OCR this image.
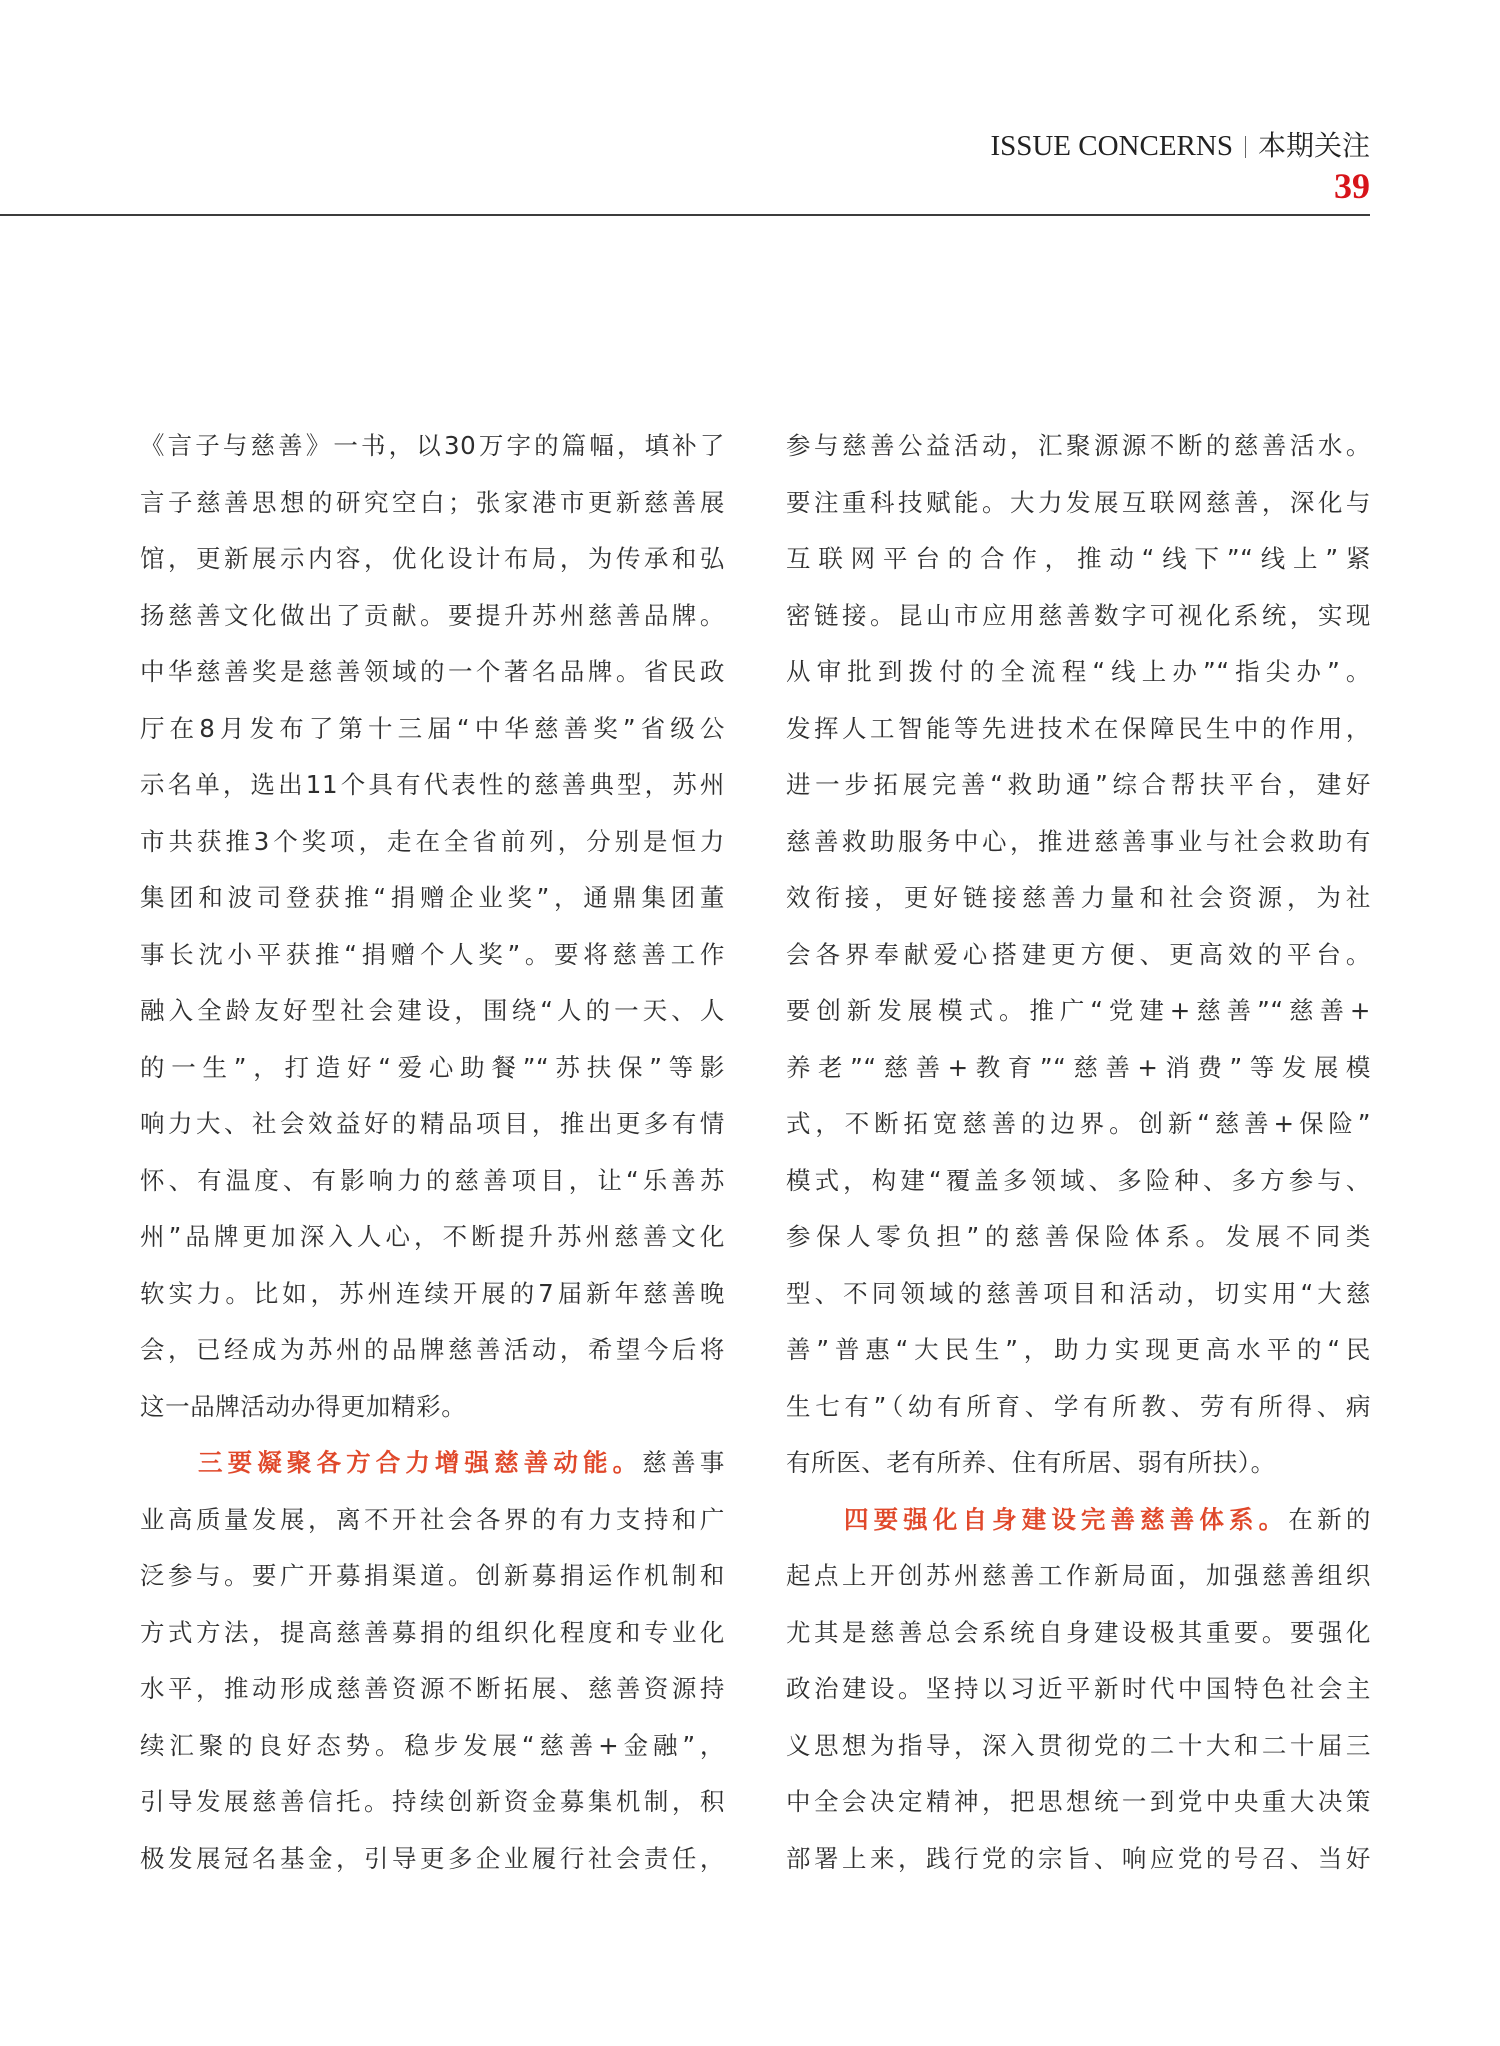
ISSUE CONCERNS 本期关注
39
《言子与慈善》一书，以30万字的篇幅，填补了
言子慈善思想的研究空白；张家港市更新慈善展
馆，更新展示内容，优化设计布局，为传承和弘
扬慈善文化做出了贡献。要提升苏州慈善品牌。
中华慈善奖是慈善领域的一个著名品牌。省民政
厅在8月发布了第十三届“中华慈善奖”省级公
示名单，选出11个具有代表性的慈善典型，苏州
市共获推3个奖项，走在全省前列，分别是恒力
集团和波司登获推“捐赠企业奖”，通鼎集团董
事长沈小平获推“捐赠个人奖”。要将慈善工作
融入全龄友好型社会建设，围绕“人的一天、人
的一生”，打造好“爱心助餐”“苏扶保”等影
响力大、社会效益好的精品项目，推出更多有情
怀、有温度、有影响力的慈善项目，让“乐善苏
州”品牌更加深入人心，不断提升苏州慈善文化
软实力。比如，苏州连续开展的7届新年慈善晚
会，已经成为苏州的品牌慈善活动，希望今后将
这一品牌活动办得更加精彩。
三要凝聚各方合力增强慈善动能。慈善事
业高质量发展，离不开社会各界的有力支持和广
泛参与。要广开募捐渠道。创新募捐运作机制和
方式方法，提高慈善募捐的组织化程度和专业化
水平，推动形成慈善资源不断拓展、慈善资源持
续汇聚的良好态势。稳步发展“慈善+金融”，
引导发展慈善信托。持续创新资金募集机制，积
极发展冠名基金，引导更多企业履行社会责任，
参与慈善公益活动，汇聚源源不断的慈善活水。
要注重科技赋能。大力发展互联网慈善，深化与
互联网平台的合作，推动“线下”“线上”紧
密链接。昆山市应用慈善数字可视化系统，实现
从审批到拨付的全流程“线上办”“指尖办”。
发挥人工智能等先进技术在保障民生中的作用，
进一步拓展完善“救助通”综合帮扶平台，建好
慈善救助服务中心，推进慈善事业与社会救助有
效衔接，更好链接慈善力量和社会资源，为社
会各界奉献爱心搭建更方便、更高效的平台。
要创新发展模式。推广“党建+慈善”“慈善+
养老”“慈善+教育”“慈善+消费”等发展模
式，不断拓宽慈善的边界。创新“慈善+保险”
模式，构建“覆盖多领域、多险种、多方参与、
参保人零负担”的慈善保险体系。发展不同类
型、不同领域的慈善项目和活动，切实用“大慈
善”普惠“大民生”，助力实现更高水平的“民
生七有”（幼有所育、学有所教、劳有所得、病
有所医、老有所养、住有所居、弱有所扶）。
四要强化自身建设完善慈善体系。在新的
起点上开创苏州慈善工作新局面，加强慈善组织
尤其是慈善总会系统自身建设极其重要。要强化
政治建设。坚持以习近平新时代中国特色社会主
义思想为指导，深入贯彻党的二十大和二十届三
中全会决定精神，把思想统一到党中央重大决策
部署上来，践行党的宗旨、响应党的号召、当好
